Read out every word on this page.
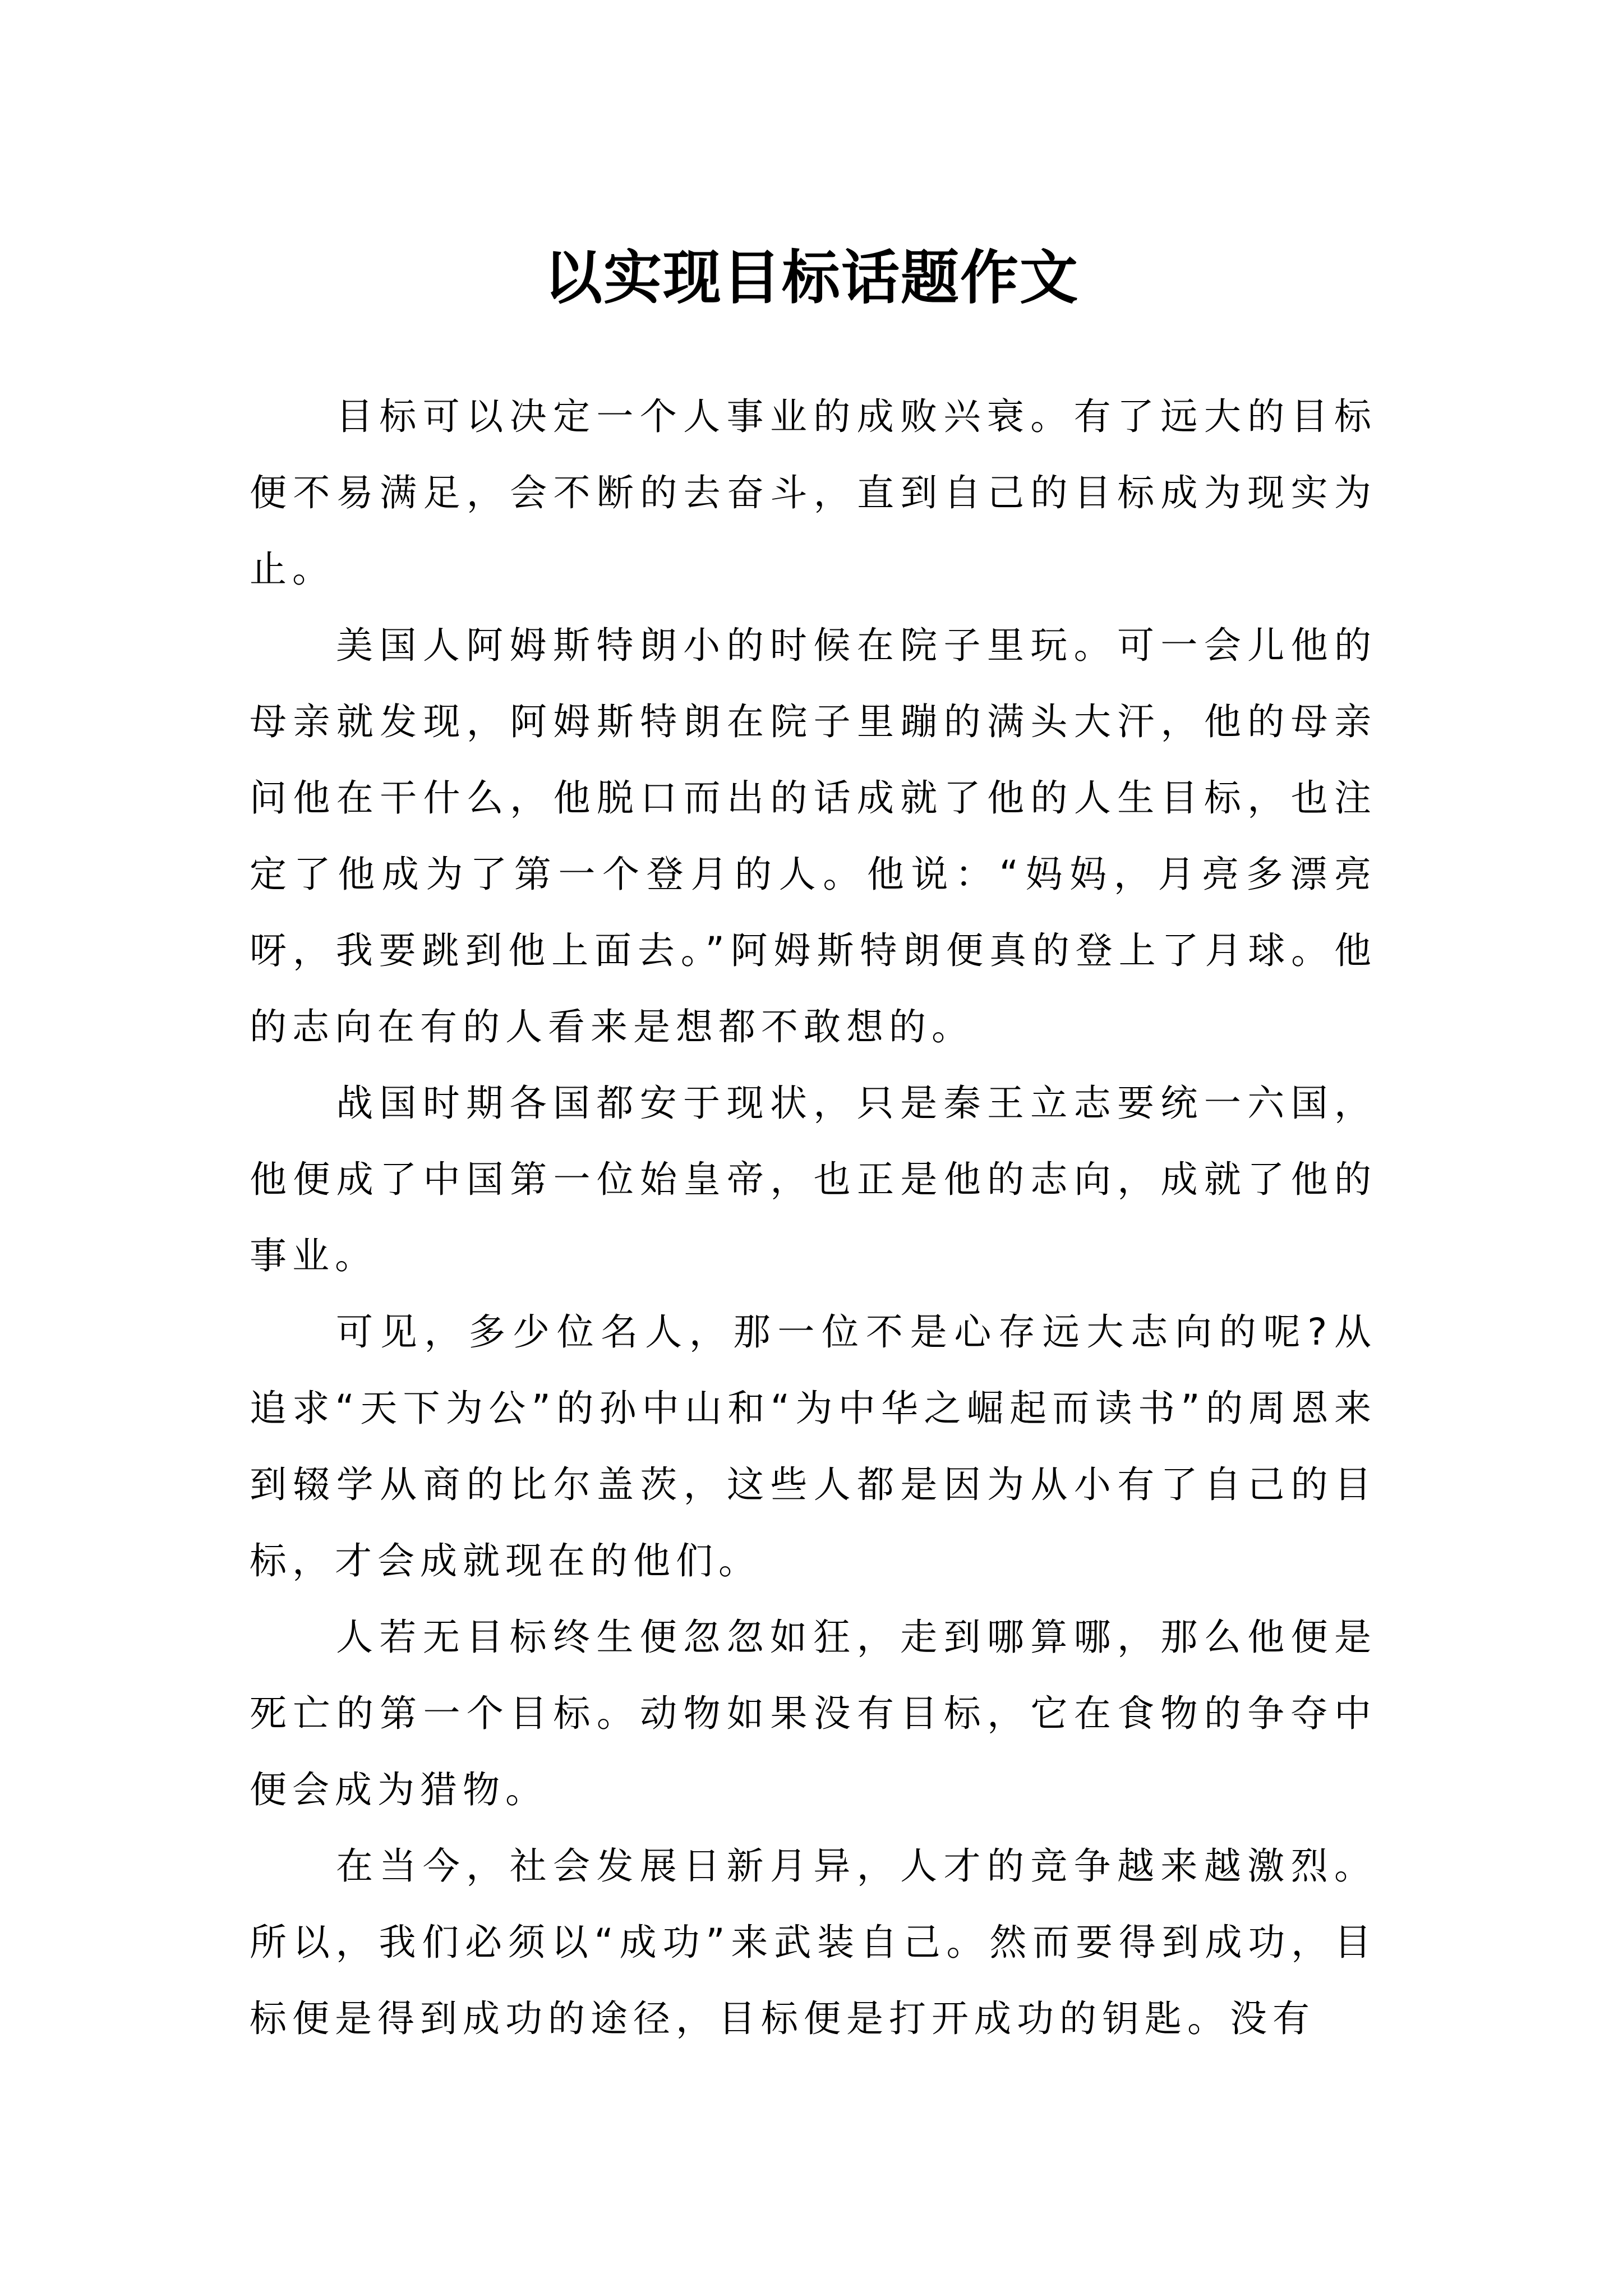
以实现目标话题作文

目标可以决定一个人事业的成败兴衰。有了远大的目标便不易满足，会不断的去奋斗，直到自己的目标成为现实为止。

美国人阿姆斯特朗小的时候在院子里玩。可一会儿他的母亲就发现，阿姆斯特朗在院子里蹦的满头大汗，他的母亲问他在干什么，他脱口而出的话成就了他的人生目标，也注定了他成为了第一个登月的人。他说：“妈妈，月亮多漂亮呀，我要跳到他上面去。”阿姆斯特朗便真的登上了月球。他的志向在有的人看来是想都不敢想的。

战国时期各国都安于现状，只是秦王立志要统一六国，他便成了中国第一位始皇帝，也正是他的志向，成就了他的事业。

可见，多少位名人，那一位不是心存远大志向的呢?从追求“天下为公”的孙中山和“为中华之崛起而读书”的周恩来到辍学从商的比尔盖茨，这些人都是因为从小有了自己的目标，才会成就现在的他们。

人若无目标终生便忽忽如狂，走到哪算哪，那么他便是死亡的第一个目标。动物如果没有目标，它在食物的争夺中便会成为猎物。

在当今，社会发展日新月异，人才的竞争越来越激烈。所以，我们必须以“成功”来武装自己。然而要得到成功，目标便是得到成功的途径，目标便是打开成功的钥匙。没有
